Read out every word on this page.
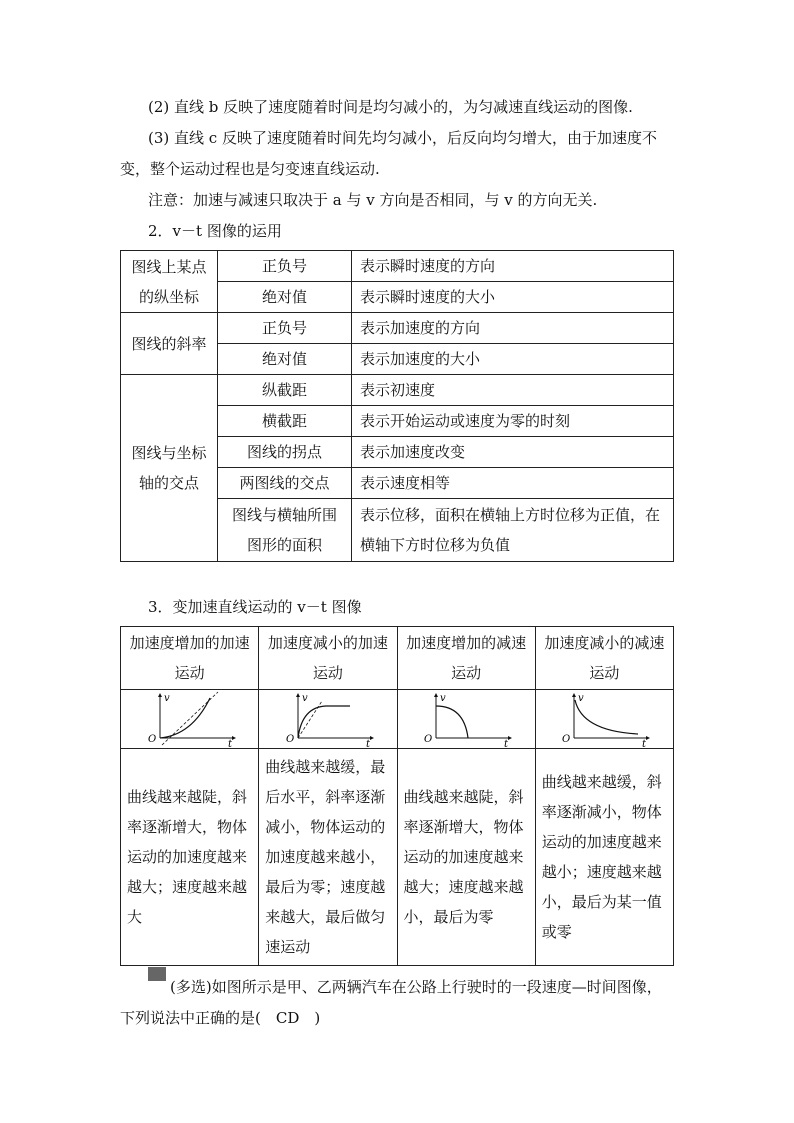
(2) 直线 b 反映了速度随着时间是均匀减小的，为匀减速直线运动的图像.
(3) 直线 c 反映了速度随着时间先均匀减小，后反向均匀增大，由于加速度不变，整个运动过程也是匀变速直线运动.
注意：加速与减速只取决于 a 与 v 方向是否相同，与 v 的方向无关.
2．v－t 图像的运用
图线上某点的纵坐标	正负号	表示瞬时速度的方向
	绝对值	表示瞬时速度的大小
图线的斜率	正负号	表示加速度的方向
	绝对值	表示加速度的大小
图线与坐标轴的交点	纵截距	表示初速度
	横截距	表示开始运动或速度为零的时刻
	图线的拐点	表示加速度改变
	两图线的交点	表示速度相等
	图线与横轴所围图形的面积	表示位移，面积在横轴上方时位移为正值，在横轴下方时位移为负值
3．变加速直线运动的 v－t 图像
加速度增加的加速运动	加速度减小的加速运动	加速度增加的减速运动	加速度减小的减速运动

O
v
t	O
v
t	O
v
t	O
v
t

曲线越来越陡，斜率逐渐增大，物体运动的加速度越来越大；速度越来越大	曲线越来越缓，最后水平，斜率逐渐减小，物体运动的加速度越来越小，最后为零；速度越来越大，最后做匀速运动	曲线越来越陡，斜率逐渐增大，物体运动的加速度越来越大；速度越来越小，最后为零	曲线越来越缓，斜率逐渐减小，物体运动的加速度越来越小；速度越来越小，最后为某一值或零
例3 (多选)如图所示是甲、乙两辆汽车在公路上行驶时的一段速度—时间图像，下列说法中正确的是(　CD　)
